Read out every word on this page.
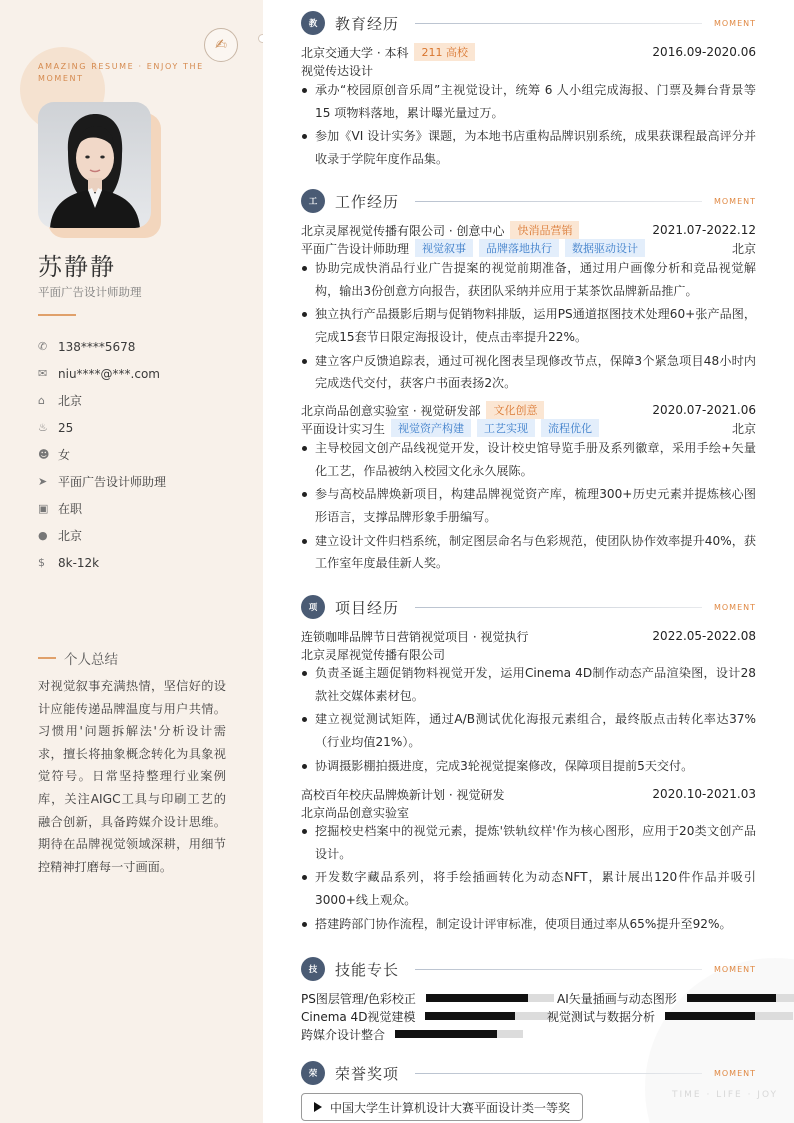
✍
AMAZING RESUME · ENJOY THE MOMENT
苏静静
平面广告设计师助理
✆ 138****5678
✉ niu****@***.com
⌂	北京
♨ 25
☻ 女
➤ 平面广告设计师助理
▣ 在职
● 北京
$	8k-12k
个人总结

对视觉叙事充满热情，坚信好的设计应能传递品牌温度与用户共情。习惯用'问题拆解法'分析设计需求，擅长将抽象概念转化为具象视觉符号。日常坚持整理行业案例库，关注AIGC工具与印刷工艺的融合创新，具备跨媒介设计思维。期待在品牌视觉领域深耕，用细节控精神打磨每一寸画面。

TIME · LIFE · JOY
教	教育经历	MOMENT
北京交通大学 · 本科	211 高校	2016.09-2020.06
视觉传达设计
承办“校园原创音乐周”主视觉设计，统筹 6 人小组完成海报、门票及舞台背景等 15 项物料落地，累计曝光量过万。
参加《VI 设计实务》课题，为本地书店重构品牌识别系统，成果获课程最高评分并收录于学院年度作品集。
工	工作经历	MOMENT
北京灵犀视觉传播有限公司 · 创意中心	快消品营销	2021.07-2022.12
平面广告设计师助理	视觉叙事	品牌落地执行	数据驱动设计	北京
协助完成快消品行业广告提案的视觉前期准备，通过用户画像分析和竞品视觉解构，输出3份创意方向报告，获团队采纳并应用于某茶饮品牌新品推广。
独立执行产品摄影后期与促销物料排版，运用PS通道抠图技术处理60+张产品图，完成15套节日限定海报设计，使点击率提升22%。
建立客户反馈追踪表，通过可视化图表呈现修改节点，保障3个紧急项目48小时内完成迭代交付，获客户书面表扬2次。
北京尚品创意实验室 · 视觉研发部	文化创意	2020.07-2021.06
平面设计实习生	视觉资产构建	工艺实现	流程优化	北京
主导校园文创产品线视觉开发，设计校史馆导览手册及系列徽章，采用手绘+矢量化工艺，作品被纳入校园文化永久展陈。
参与高校品牌焕新项目，构建品牌视觉资产库，梳理300+历史元素并提炼核心图形语言，支撑品牌形象手册编写。
建立设计文件归档系统，制定图层命名与色彩规范，使团队协作效率提升40%，获工作室年度最佳新人奖。
项	项目经历	MOMENT
连锁咖啡品牌节日营销视觉项目 · 视觉执行	2022.05-2022.08
北京灵犀视觉传播有限公司
负责圣诞主题促销物料视觉开发，运用Cinema 4D制作动态产品渲染图，设计28款社交媒体素材包。
建立视觉测试矩阵，通过A/B测试优化海报元素组合，最终版点击转化率达37%（行业均值21%）。
协调摄影棚拍摄进度，完成3轮视觉提案修改，保障项目提前5天交付。
高校百年校庆品牌焕新计划 · 视觉研发	2020.10-2021.03
北京尚品创意实验室
挖掘校史档案中的视觉元素，提炼'铁轨纹样'作为核心图形，应用于20类文创产品设计。
开发数字藏品系列，将手绘插画转化为动态NFT，累计展出120件作品并吸引3000+线上观众。
搭建跨部门协作流程，制定设计评审标准，使项目通过率从65%提升至92%。
技	技能专长	MOMENT
PS图层管理/色彩校正	AI矢量插画与动态图形
Cinema 4D视觉建模	视觉测试与数据分析
跨媒介设计整合
荣	荣誉奖项	MOMENT
中国大学生计算机设计大赛平面设计类一等奖
